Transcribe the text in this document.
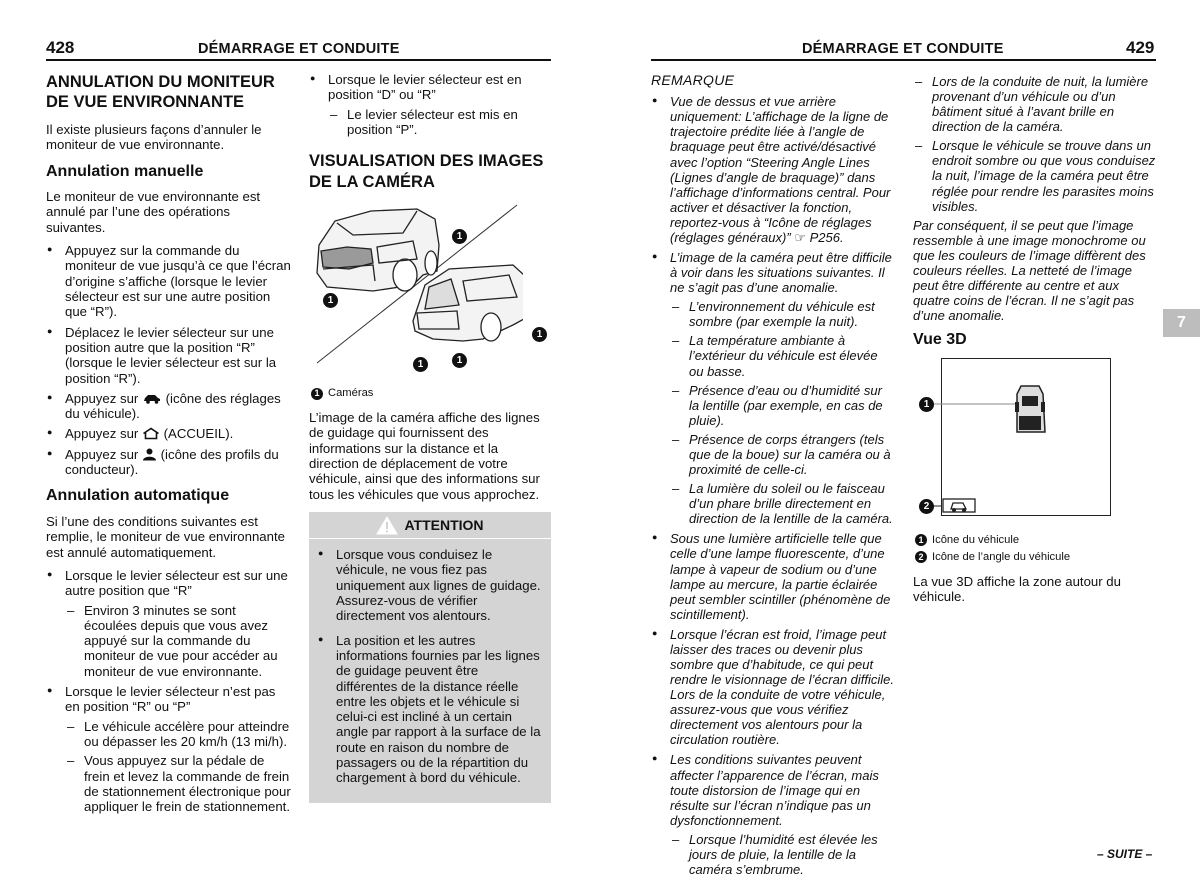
428	DÉMARRAGE ET CONDUITE	DÉMARRAGE ET CONDUITE	429
7
ANNULATION DU MONITEUR DE VUE ENVIRONNANTE

Il existe plusieurs façons d’annuler le moniteur de vue environnante.

Annulation manuelle

Le moniteur de vue environnante est annulé par l’une des opérations suivantes.

● Appuyez sur la commande du moniteur de vue jusqu’à ce que l’écran d’origine s’affiche (lorsque le levier sélecteur est sur une autre position que “R”).
● Déplacez le levier sélecteur sur une position autre que la position “R” (lorsque le levier sélecteur est sur la position “R”).
● Appuyez sur (icône des réglages du véhicule).
● Appuyez sur (ACCUEIL).
● Appuyez sur (icône des profils du conducteur).
Annulation automatique

Si l’une des conditions suivantes est remplie, le moniteur de vue environnante est annulé automatiquement.

● Lorsque le levier sélecteur est sur une autre position que “R”
– Environ 3 minutes se sont écoulées depuis que vous avez appuyé sur la commande du moniteur de vue pour accéder au moniteur de vue environnante.
● Lorsque le levier sélecteur n’est pas en position “R” ou “P”
– Le véhicule accélère pour atteindre ou dépasser les 20 km/h (13 mi/h).
– Vous appuyez sur la pédale de frein et levez la commande de frein de stationnement électronique pour appliquer le frein de stationnement.
● Lorsque le levier sélecteur est en position “D” ou “R”
– Le levier sélecteur est mis en position “P”.
VISUALISATION DES IMAGES DE LA CAMÉRA
1
1
1
1
1
1 Caméras

L’image de la caméra affiche des lignes de guidage qui fournissent des informations sur la distance et la direction de déplacement de votre véhicule, ainsi que des informations sur tous les véhicules que vous approchez.

ATTENTION
● Lorsque vous conduisez le véhicule, ne vous fiez pas uniquement aux lignes de guidage. Assurez-vous de vérifier directement vos alentours.
● La position et les autres informations fournies par les lignes de guidage peuvent être différentes de la distance réelle entre les objets et le véhicule si celui-ci est incliné à un certain angle par rapport à la surface de la route en raison du nombre de passagers ou de la répartition du chargement à bord du véhicule.
REMARQUE
● Vue de dessus et vue arrière uniquement: L’affichage de la ligne de trajectoire prédite liée à l’angle de braquage peut être activé/désactivé avec l’option “Steering Angle Lines (Lignes d’angle de braquage)” dans l’affichage d’informations central. Pour activer et désactiver la fonction, reportez-vous à “Icône de réglages (réglages généraux)” ☞ P256.
● L’image de la caméra peut être difficile à voir dans les situations suivantes. Il ne s’agit pas d’une anomalie.
– L’environnement du véhicule est sombre (par exemple la nuit).
– La température ambiante à l’extérieur du véhicule est élevée ou basse.
– Présence d’eau ou d’humidité sur la lentille (par exemple, en cas de pluie).
– Présence de corps étrangers (tels que de la boue) sur la caméra ou à proximité de celle-ci.
– La lumière du soleil ou le faisceau d’un phare brille directement en direction de la lentille de la caméra.
● Sous une lumière artificielle telle que celle d’une lampe fluorescente, d’une lampe à vapeur de sodium ou d’une lampe au mercure, la partie éclairée peut sembler scintiller (phénomène de scintillement).
● Lorsque l’écran est froid, l’image peut laisser des traces ou devenir plus sombre que d’habitude, ce qui peut rendre le visionnage de l’écran difficile. Lors de la conduite de votre véhicule, assurez-vous que vous vérifiez directement vos alentours pour la circulation routière.
● Les conditions suivantes peuvent affecter l’apparence de l’écran, mais toute distorsion de l’image qui en résulte sur l’écran n’indique pas un dysfonctionnement.
– Lorsque l’humidité est élevée les jours de pluie, la lentille de la caméra s’embrume.
– Lors de la conduite de nuit, la lumière provenant d’un véhicule ou d’un bâtiment situé à l’avant brille en direction de la caméra.
– Lorsque le véhicule se trouve dans un endroit sombre ou que vous conduisez la nuit, l’image de la caméra peut être réglée pour rendre les parasites moins visibles.

Par conséquent, il se peut que l’image ressemble à une image monochrome ou que les couleurs de l’image diffèrent des couleurs réelles. La netteté de l’image peut être différente au centre et aux quatre coins de l’écran. Il ne s’agit pas d’une anomalie.

Vue 3D
1
2
1 Icône du véhicule
2 Icône de l’angle du véhicule

La vue 3D affiche la zone autour du véhicule.

– SUITE –
